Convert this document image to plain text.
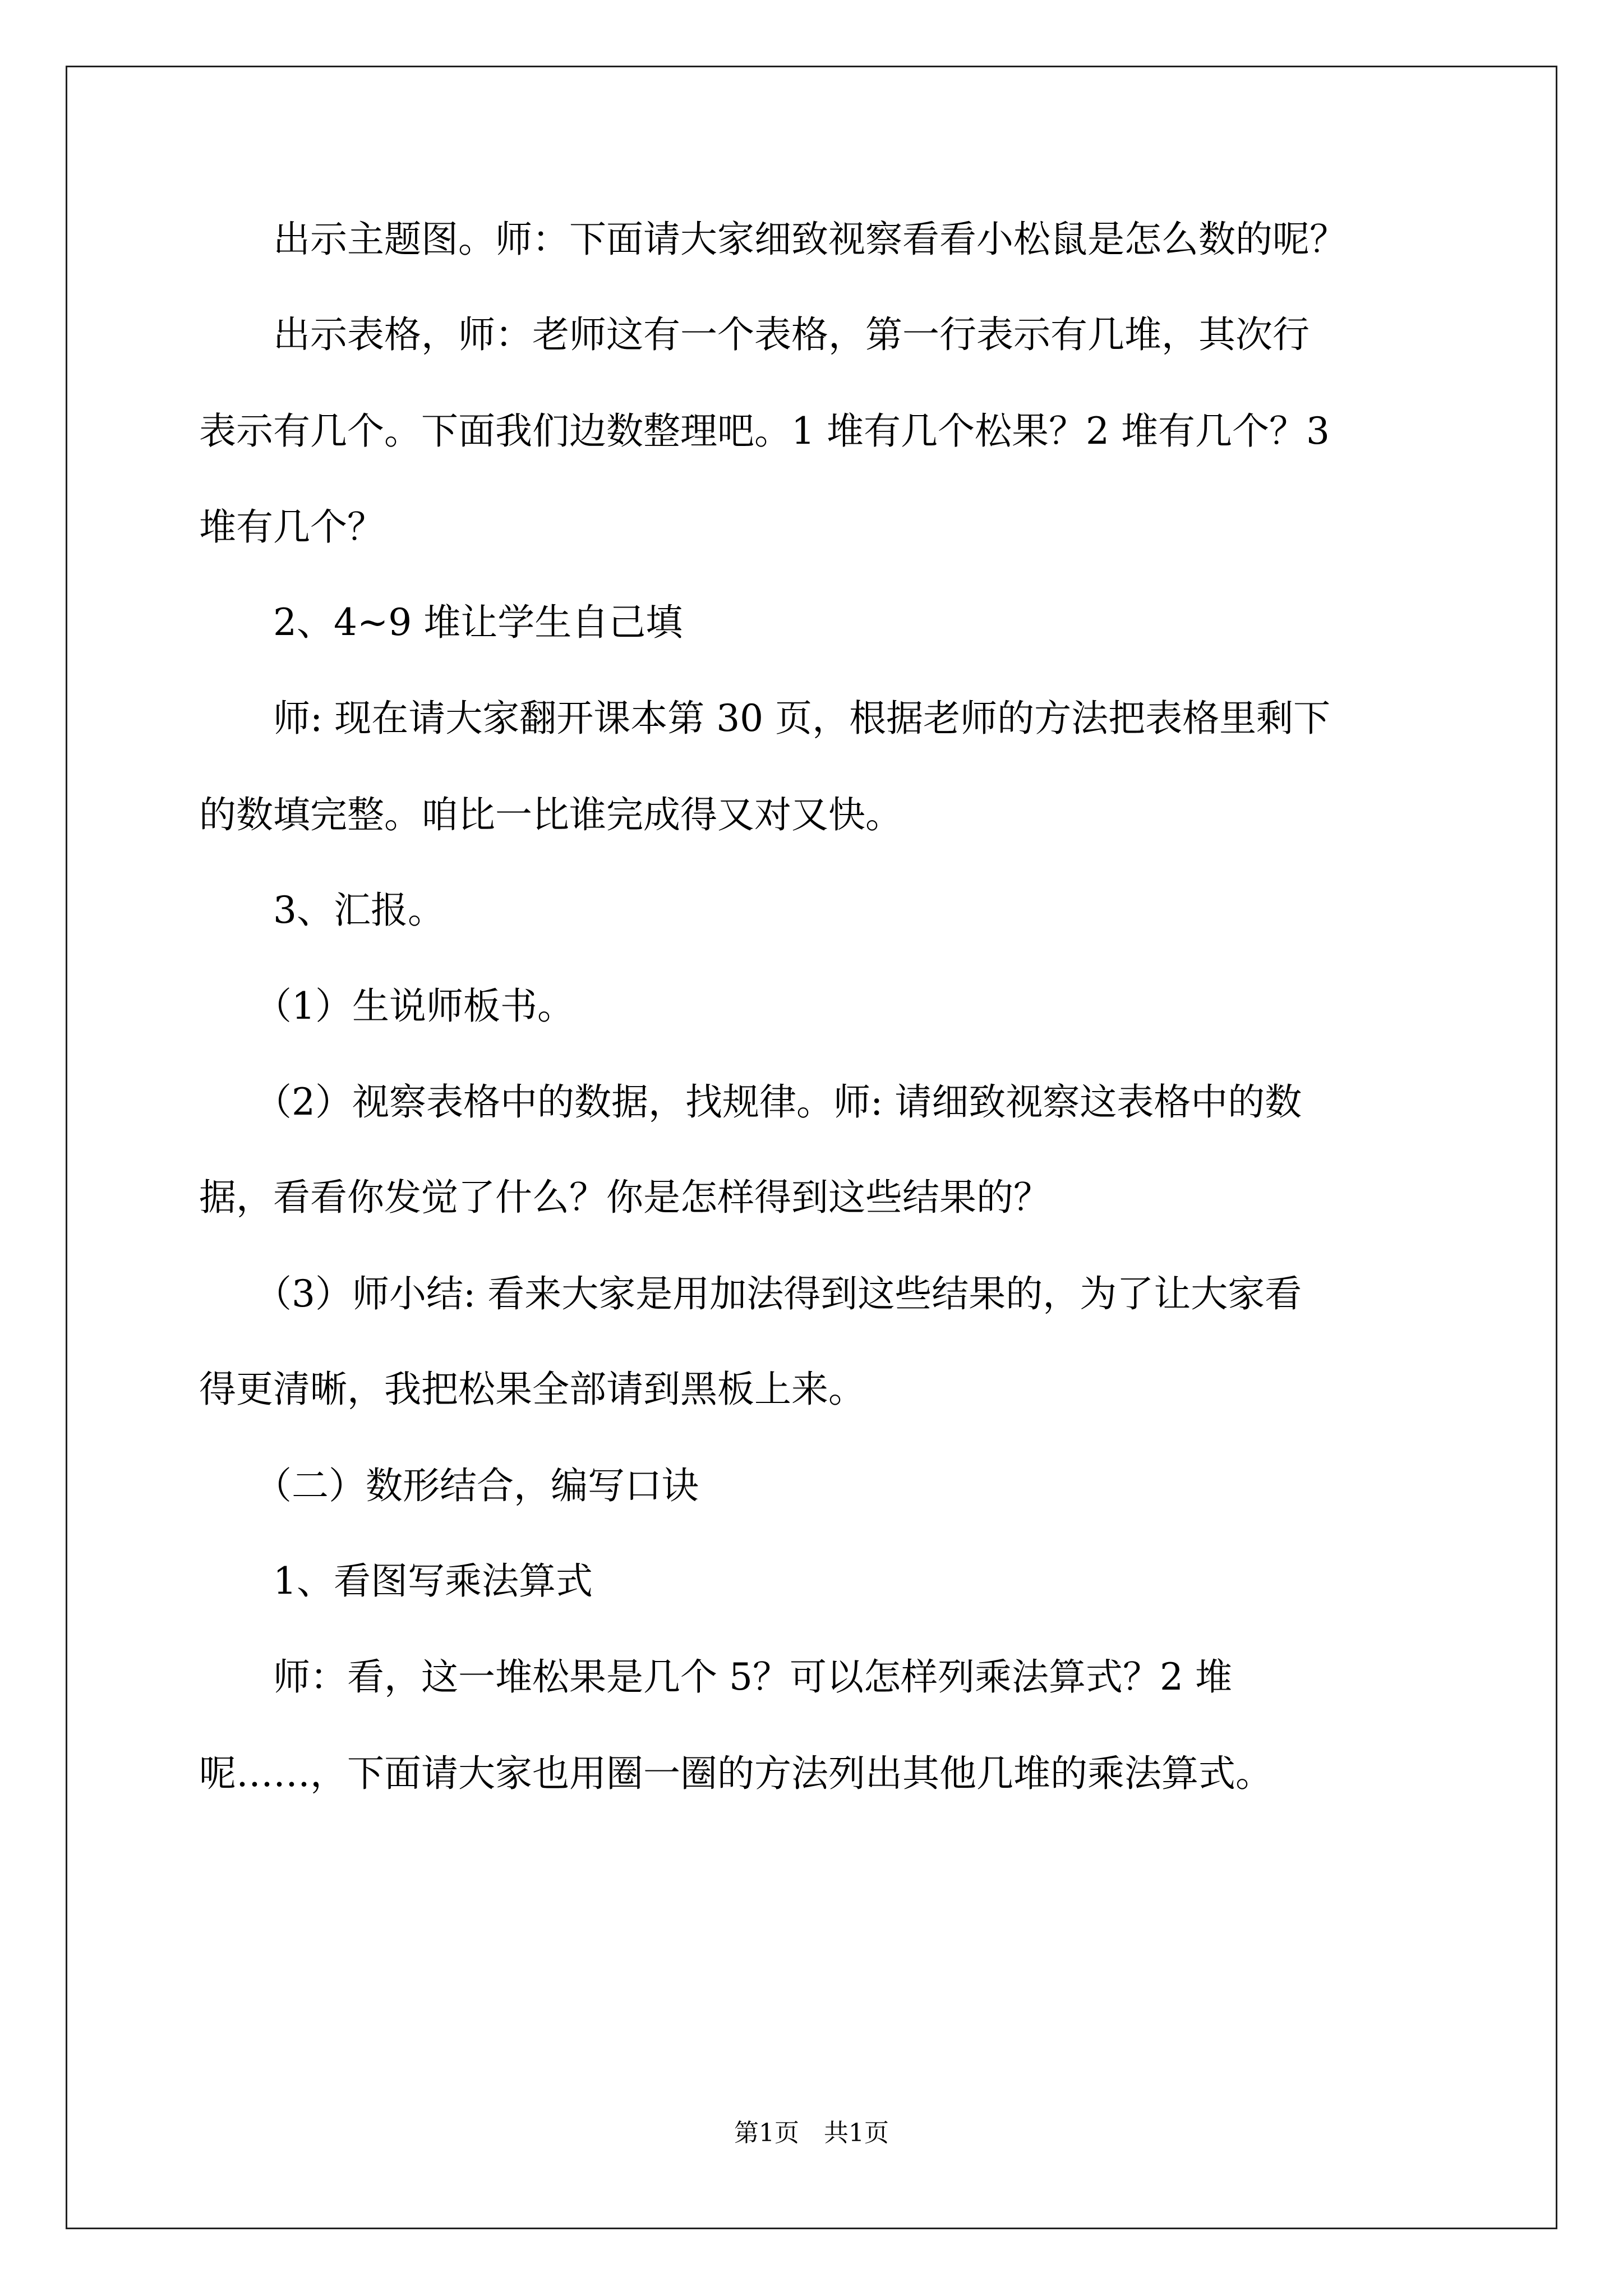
　　出示主题图。师：下面请大家细致视察看看小松鼠是怎么数的呢？

　　出示表格，师：老师这有一个表格，第一行表示有几堆，其次行

表示有几个。下面我们边数整理吧。1 堆有几个松果？2 堆有几个？3

堆有几个？

　　2、4~9 堆让学生自己填

　　师: 现在请大家翻开课本第 30 页，根据老师的方法把表格里剩下

的数填完整。咱比一比谁完成得又对又快。

　　3、汇报。

　　（1）生说师板书。

　　（2）视察表格中的数据，找规律。师: 请细致视察这表格中的数

据，看看你发觉了什么？你是怎样得到这些结果的？

　　（3）师小结: 看来大家是用加法得到这些结果的，为了让大家看

得更清晰，我把松果全部请到黑板上来。

　　（二）数形结合，编写口诀

　　1、看图写乘法算式

　　师：看，这一堆松果是几个 5？可以怎样列乘法算式？2 堆

呢……，下面请大家也用圈一圈的方法列出其他几堆的乘法算式。

第1页　共1页
